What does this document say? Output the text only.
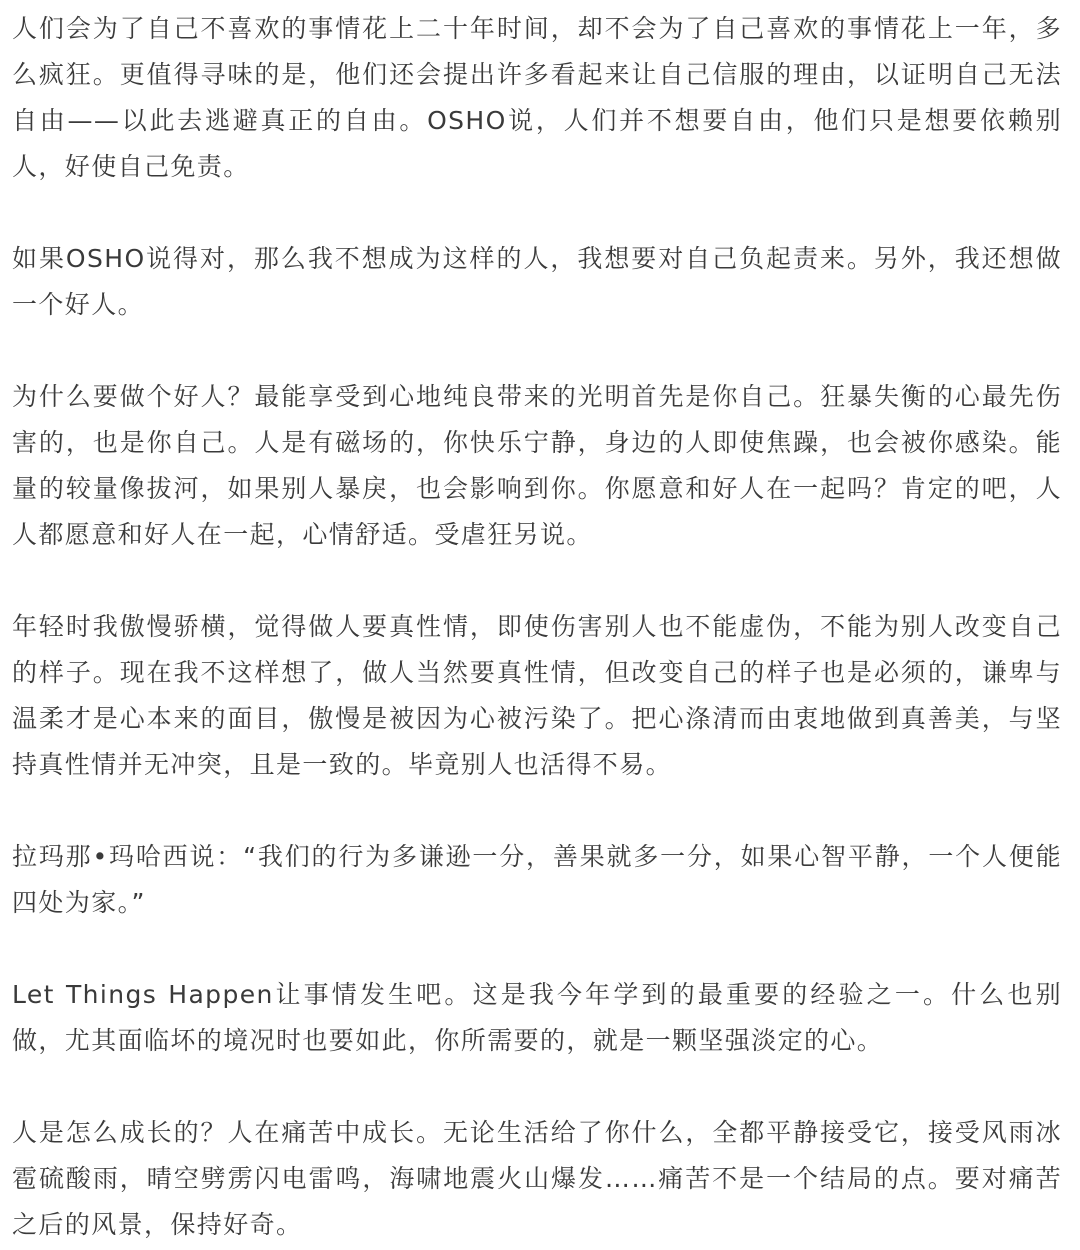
人们会为了自己不喜欢的事情花上二十年时间，却不会为了自己喜欢的事情花上一年，多么疯狂。更值得寻味的是，他们还会提出许多看起来让自己信服的理由，以证明自己无法自由——以此去逃避真正的自由。OSHO说，人们并不想要自由，他们只是想要依赖别人，好使自己免责。

如果OSHO说得对，那么我不想成为这样的人，我想要对自己负起责来。另外，我还想做一个好人。

为什么要做个好人？最能享受到心地纯良带来的光明首先是你自己。狂暴失衡的心最先伤害的，也是你自己。人是有磁场的，你快乐宁静，身边的人即使焦躁，也会被你感染。能量的较量像拔河，如果别人暴戾，也会影响到你。你愿意和好人在一起吗？肯定的吧，人人都愿意和好人在一起，心情舒适。受虐狂另说。

年轻时我傲慢骄横，觉得做人要真性情，即使伤害别人也不能虚伪，不能为别人改变自己的样子。现在我不这样想了，做人当然要真性情，但改变自己的样子也是必须的，谦卑与温柔才是心本来的面目，傲慢是被因为心被污染了。把心涤清而由衷地做到真善美，与坚持真性情并无冲突，且是一致的。毕竟别人也活得不易。

拉玛那•玛哈西说：“我们的行为多谦逊一分，善果就多一分，如果心智平静，一个人便能四处为家。”

Let Things Happen让事情发生吧。这是我今年学到的最重要的经验之一。什么也别做，尤其面临坏的境况时也要如此，你所需要的，就是一颗坚强淡定的心。

人是怎么成长的？人在痛苦中成长。无论生活给了你什么，全都平静接受它，接受风雨冰雹硫酸雨，晴空劈雳闪电雷鸣，海啸地震火山爆发……痛苦不是一个结局的点。要对痛苦之后的风景，保持好奇。
